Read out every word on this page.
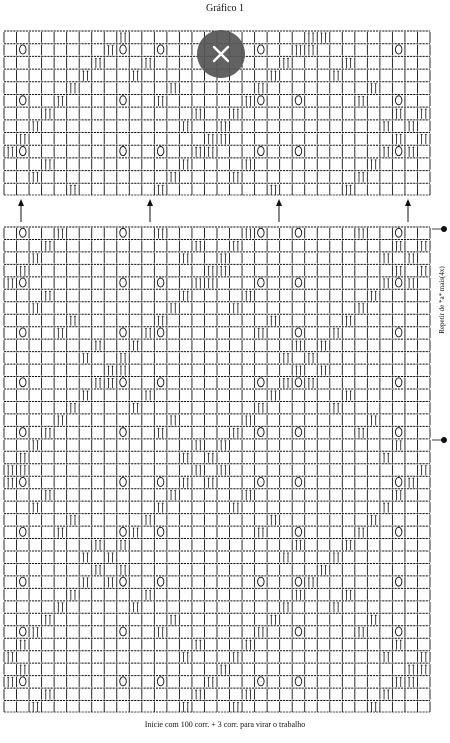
Gráfico 1
Repetir de *a* mais(4x)
Inicie com 100 corr. + 3 corr. para virar o trabalho
